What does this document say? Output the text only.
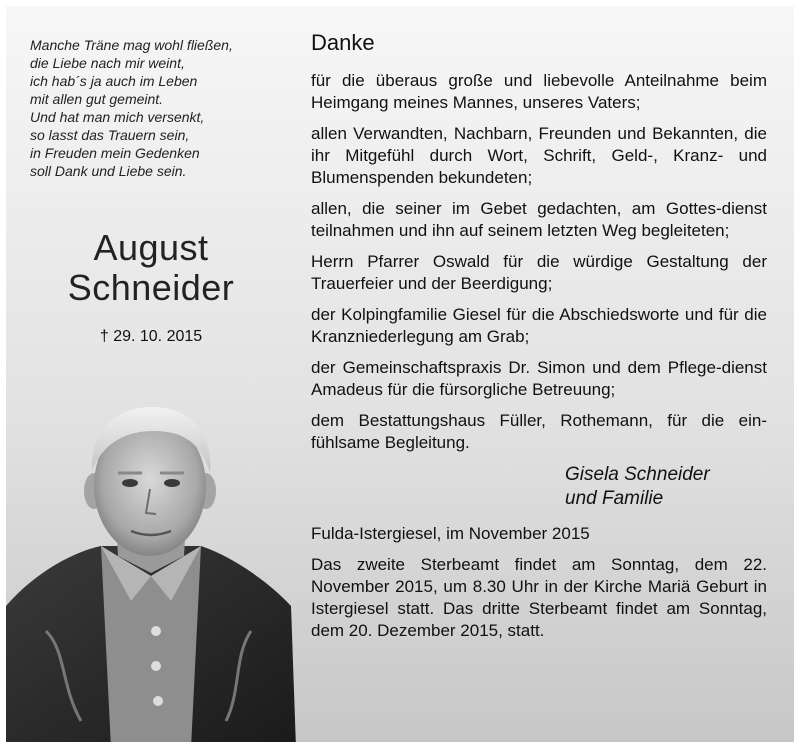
Manche Träne mag wohl fließen,
die Liebe nach mir weint,
ich hab´s ja auch im Leben
mit allen gut gemeint.
Und hat man mich versenkt,
so lasst das Trauern sein,
in Freuden mein Gedenken
soll Dank und Liebe sein.
August
Schneider
† 29. 10. 2015
Danke

für die überaus große und liebevolle Anteilnahme beim Heimgang meines Mannes, unseres Vaters;

allen Verwandten, Nachbarn, Freunden und Bekannten, die ihr Mitgefühl durch Wort, Schrift, Geld-, Kranz- und Blumenspenden bekundeten;

allen, die seiner im Gebet gedachten, am Gottes-dienst teilnahmen und ihn auf seinem letzten Weg begleiteten;

Herrn Pfarrer Oswald für die würdige Gestaltung der Trauerfeier und der Beerdigung;

der Kolpingfamilie Giesel für die Abschiedsworte und für die Kranzniederlegung am Grab;

der Gemeinschaftspraxis Dr. Simon und dem Pflege-dienst Amadeus für die fürsorgliche Betreuung;

dem Bestattungshaus Füller, Rothemann, für die ein-fühlsame Begleitung.

Gisela Schneider
und Familie

Fulda-Istergiesel, im November 2015

Das zweite Sterbeamt findet am Sonntag, dem 22. November 2015, um 8.30 Uhr in der Kirche Mariä Geburt in Istergiesel statt. Das dritte Sterbeamt findet am Sonntag, dem 20. Dezember 2015, statt.
